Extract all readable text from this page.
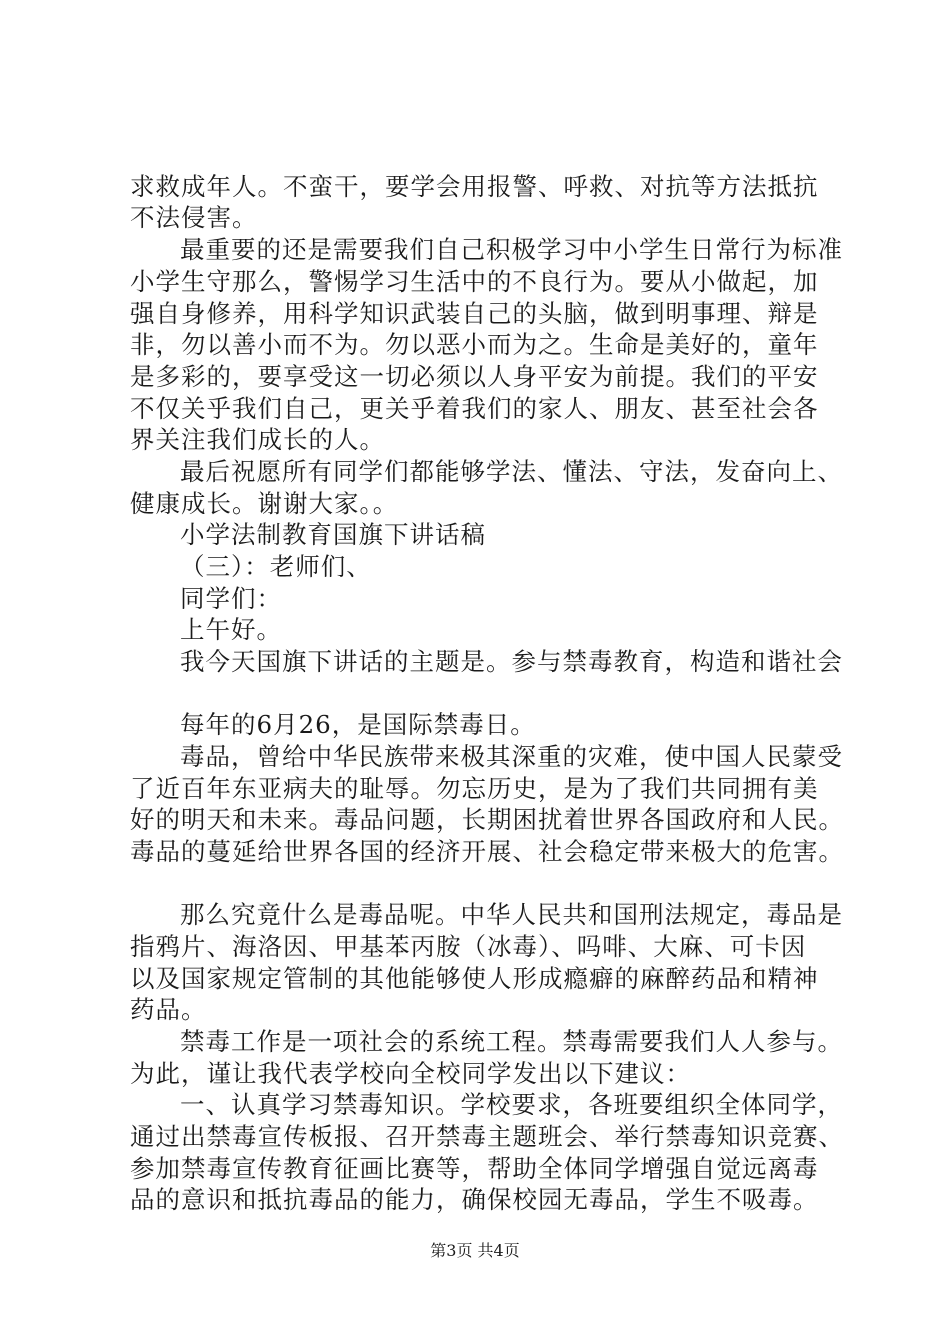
求救成年人。不蛮干，要学会用报警、呼救、对抗等方法抵抗
不法侵害。
最重要的还是需要我们自己积极学习中小学生日常行为标准
小学生守那么，警惕学习生活中的不良行为。要从小做起，加
强自身修养，用科学知识武装自己的头脑，做到明事理、辩是
非，勿以善小而不为。勿以恶小而为之。生命是美好的，童年
是多彩的，要享受这一切必须以人身平安为前提。我们的平安
不仅关乎我们自己，更关乎着我们的家人、朋友、甚至社会各
界关注我们成长的人。
最后祝愿所有同学们都能够学法、懂法、守法，发奋向上、
健康成长。谢谢大家。。
小学法制教育国旗下讲话稿
（三）：老师们、
同学们：
上午好。
我今天国旗下讲话的主题是。参与禁毒教育，构造和谐社会
每年的6月26，是国际禁毒日。
毒品，曾给中华民族带来极其深重的灾难，使中国人民蒙受
了近百年东亚病夫的耻辱。勿忘历史，是为了我们共同拥有美
好的明天和未来。毒品问题，长期困扰着世界各国政府和人民。
毒品的蔓延给世界各国的经济开展、社会稳定带来极大的危害。
那么究竟什么是毒品呢。中华人民共和国刑法规定，毒品是
指鸦片、海洛因、甲基苯丙胺（冰毒）、吗啡、大麻、可卡因
以及国家规定管制的其他能够使人形成瘾癖的麻醉药品和精神
药品。
禁毒工作是一项社会的系统工程。禁毒需要我们人人参与。
为此，谨让我代表学校向全校同学发出以下建议：
一、认真学习禁毒知识。学校要求，各班要组织全体同学，
通过出禁毒宣传板报、召开禁毒主题班会、举行禁毒知识竞赛、
参加禁毒宣传教育征画比赛等，帮助全体同学增强自觉远离毒
品的意识和抵抗毒品的能力，确保校园无毒品，学生不吸毒。
第3页 共4页
